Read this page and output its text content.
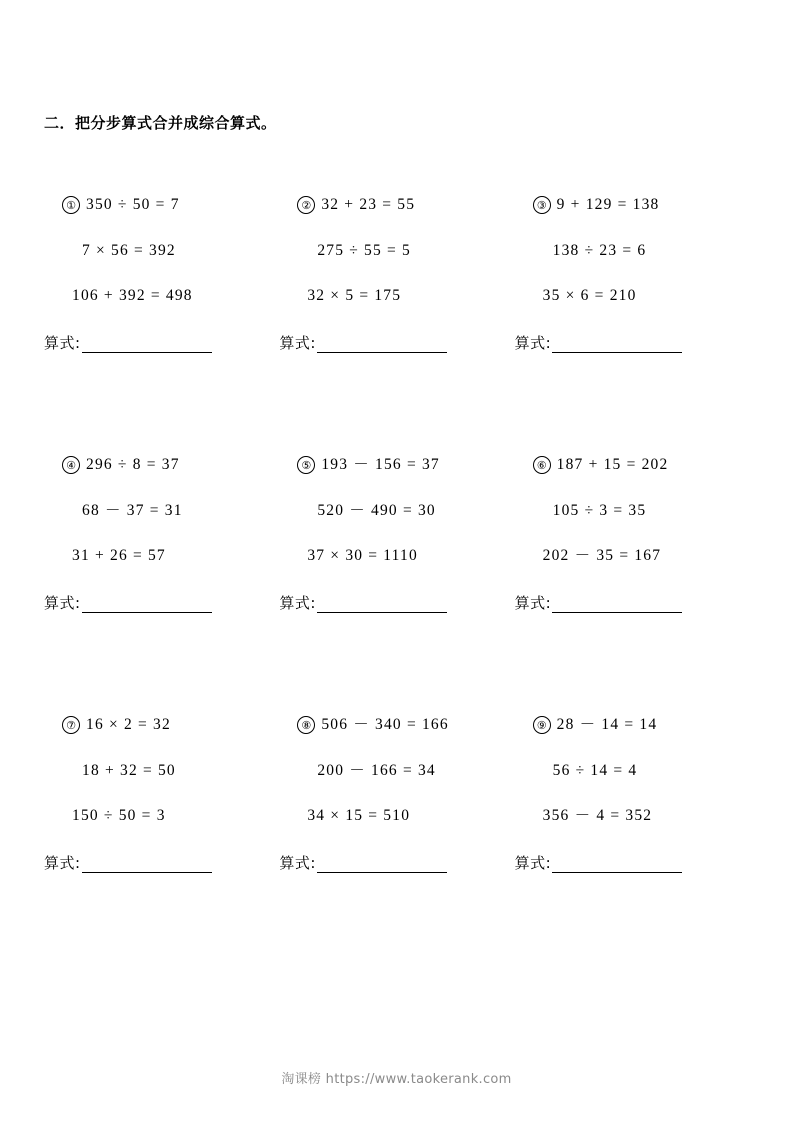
二．把分步算式合并成综合算式。
① 350 ÷ 50 = 7
7 × 56 = 392
106 + 392 = 498
算式:
② 32 + 23 = 55
275 ÷ 55 = 5
32 × 5 = 175
算式:
③ 9 + 129 = 138
138 ÷ 23 = 6
35 × 6 = 210
算式:
④ 296 ÷ 8 = 37
68 － 37 = 31
31 + 26 = 57
算式:
⑤ 193 － 156 = 37
520 － 490 = 30
37 × 30 = 1110
算式:
⑥ 187 + 15 = 202
105 ÷ 3 = 35
202 － 35 = 167
算式:
⑦ 16 × 2 = 32
18 + 32 = 50
150 ÷ 50 = 3
算式:
⑧ 506 － 340 = 166
200 － 166 = 34
34 × 15 = 510
算式:
⑨ 28 － 14 = 14
56 ÷ 14 = 4
356 － 4 = 352
算式:
淘课榜 https://www.taokerank.com
